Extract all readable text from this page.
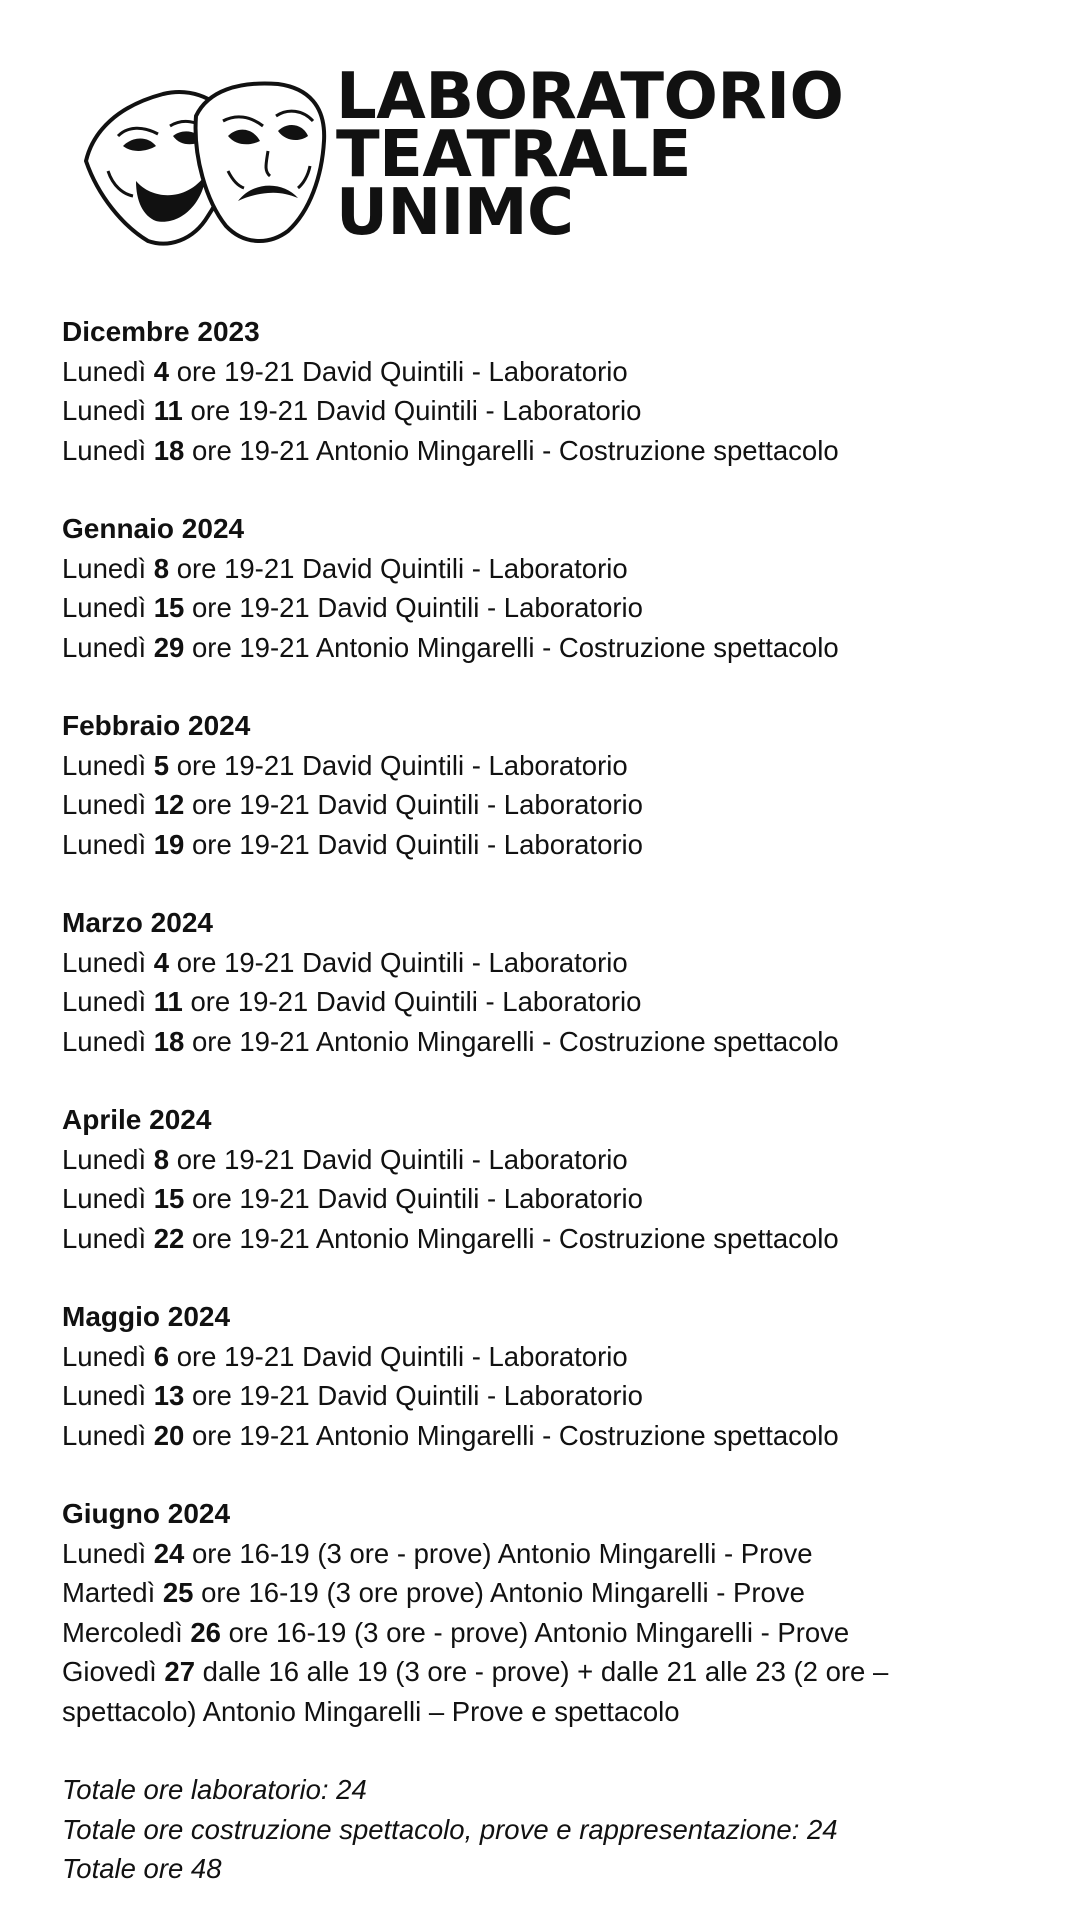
LABORATORIO
TEATRALE
UNIMC
Dicembre 2023
Lunedì 4 ore 19-21 David Quintili - Laboratorio
Lunedì 11 ore 19-21 David Quintili - Laboratorio
Lunedì 18 ore 19-21 Antonio Mingarelli - Costruzione spettacolo
Gennaio 2024
Lunedì 8 ore 19-21 David Quintili - Laboratorio
Lunedì 15 ore 19-21 David Quintili - Laboratorio
Lunedì 29 ore 19-21 Antonio Mingarelli - Costruzione spettacolo
Febbraio 2024
Lunedì 5 ore 19-21 David Quintili - Laboratorio
Lunedì 12 ore 19-21 David Quintili - Laboratorio
Lunedì 19 ore 19-21 David Quintili - Laboratorio
Marzo 2024
Lunedì 4 ore 19-21 David Quintili - Laboratorio
Lunedì 11 ore 19-21 David Quintili - Laboratorio
Lunedì 18 ore 19-21 Antonio Mingarelli - Costruzione spettacolo
Aprile 2024
Lunedì 8 ore 19-21 David Quintili - Laboratorio
Lunedì 15 ore 19-21 David Quintili - Laboratorio
Lunedì 22 ore 19-21 Antonio Mingarelli - Costruzione spettacolo
Maggio 2024
Lunedì 6 ore 19-21 David Quintili - Laboratorio
Lunedì 13 ore 19-21 David Quintili - Laboratorio
Lunedì 20 ore 19-21 Antonio Mingarelli - Costruzione spettacolo
Giugno 2024
Lunedì 24 ore 16-19 (3 ore - prove) Antonio Mingarelli - Prove
Martedì 25 ore 16-19 (3 ore prove) Antonio Mingarelli - Prove
Mercoledì 26 ore 16-19 (3 ore - prove) Antonio Mingarelli - Prove
Giovedì 27 dalle 16 alle 19 (3 ore - prove) + dalle 21 alle 23 (2 ore – spettacolo) Antonio Mingarelli – Prove e spettacolo
Totale ore laboratorio: 24
Totale ore costruzione spettacolo, prove e rappresentazione: 24
Totale ore 48
